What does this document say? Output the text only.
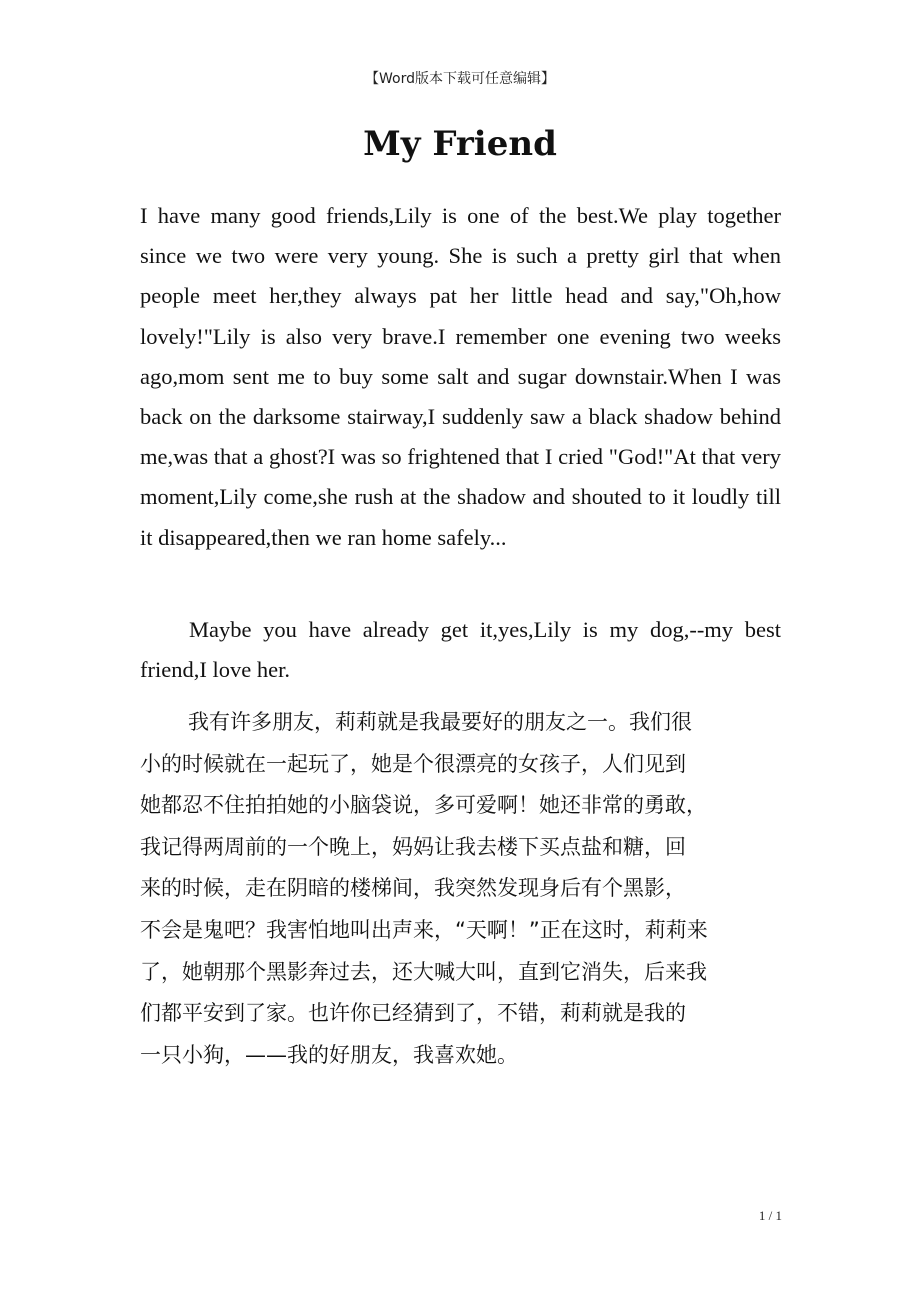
【Word版本下载可任意编辑】
My Friend

I have many good friends,Lily is one of the best.We play together since we two were very young. She is such a pretty girl that when people meet her,they always pat her little head and say,"Oh,how lovely!"Lily is also very brave.I remember one evening two weeks ago,mom sent me to buy some salt and sugar downstair.When I was back on the darksome stairway,I suddenly saw a black shadow behind me,was that a ghost?I was so frightened that I cried "God!"At that very moment,Lily come,she rush at the shadow and shouted to it loudly till it disappeared,then we ran home safely...

Maybe you have already get it,yes,Lily is my dog,--my best friend,I love her.

我有许多朋友，莉莉就是我最要好的朋友之一。我们很
小的时候就在一起玩了，她是个很漂亮的女孩子，人们见到
她都忍不住拍拍她的小脑袋说，多可爱啊！她还非常的勇敢，
我记得两周前的一个晚上，妈妈让我去楼下买点盐和糖，回
来的时候，走在阴暗的楼梯间，我突然发现身后有个黑影，
不会是鬼吧？我害怕地叫出声来，“天啊！”正在这时，莉莉来
了，她朝那个黑影奔过去，还大喊大叫，直到它消失，后来我
们都平安到了家。也许你已经猜到了，不错，莉莉就是我的
一只小狗，——我的好朋友，我喜欢她。
1 / 1
